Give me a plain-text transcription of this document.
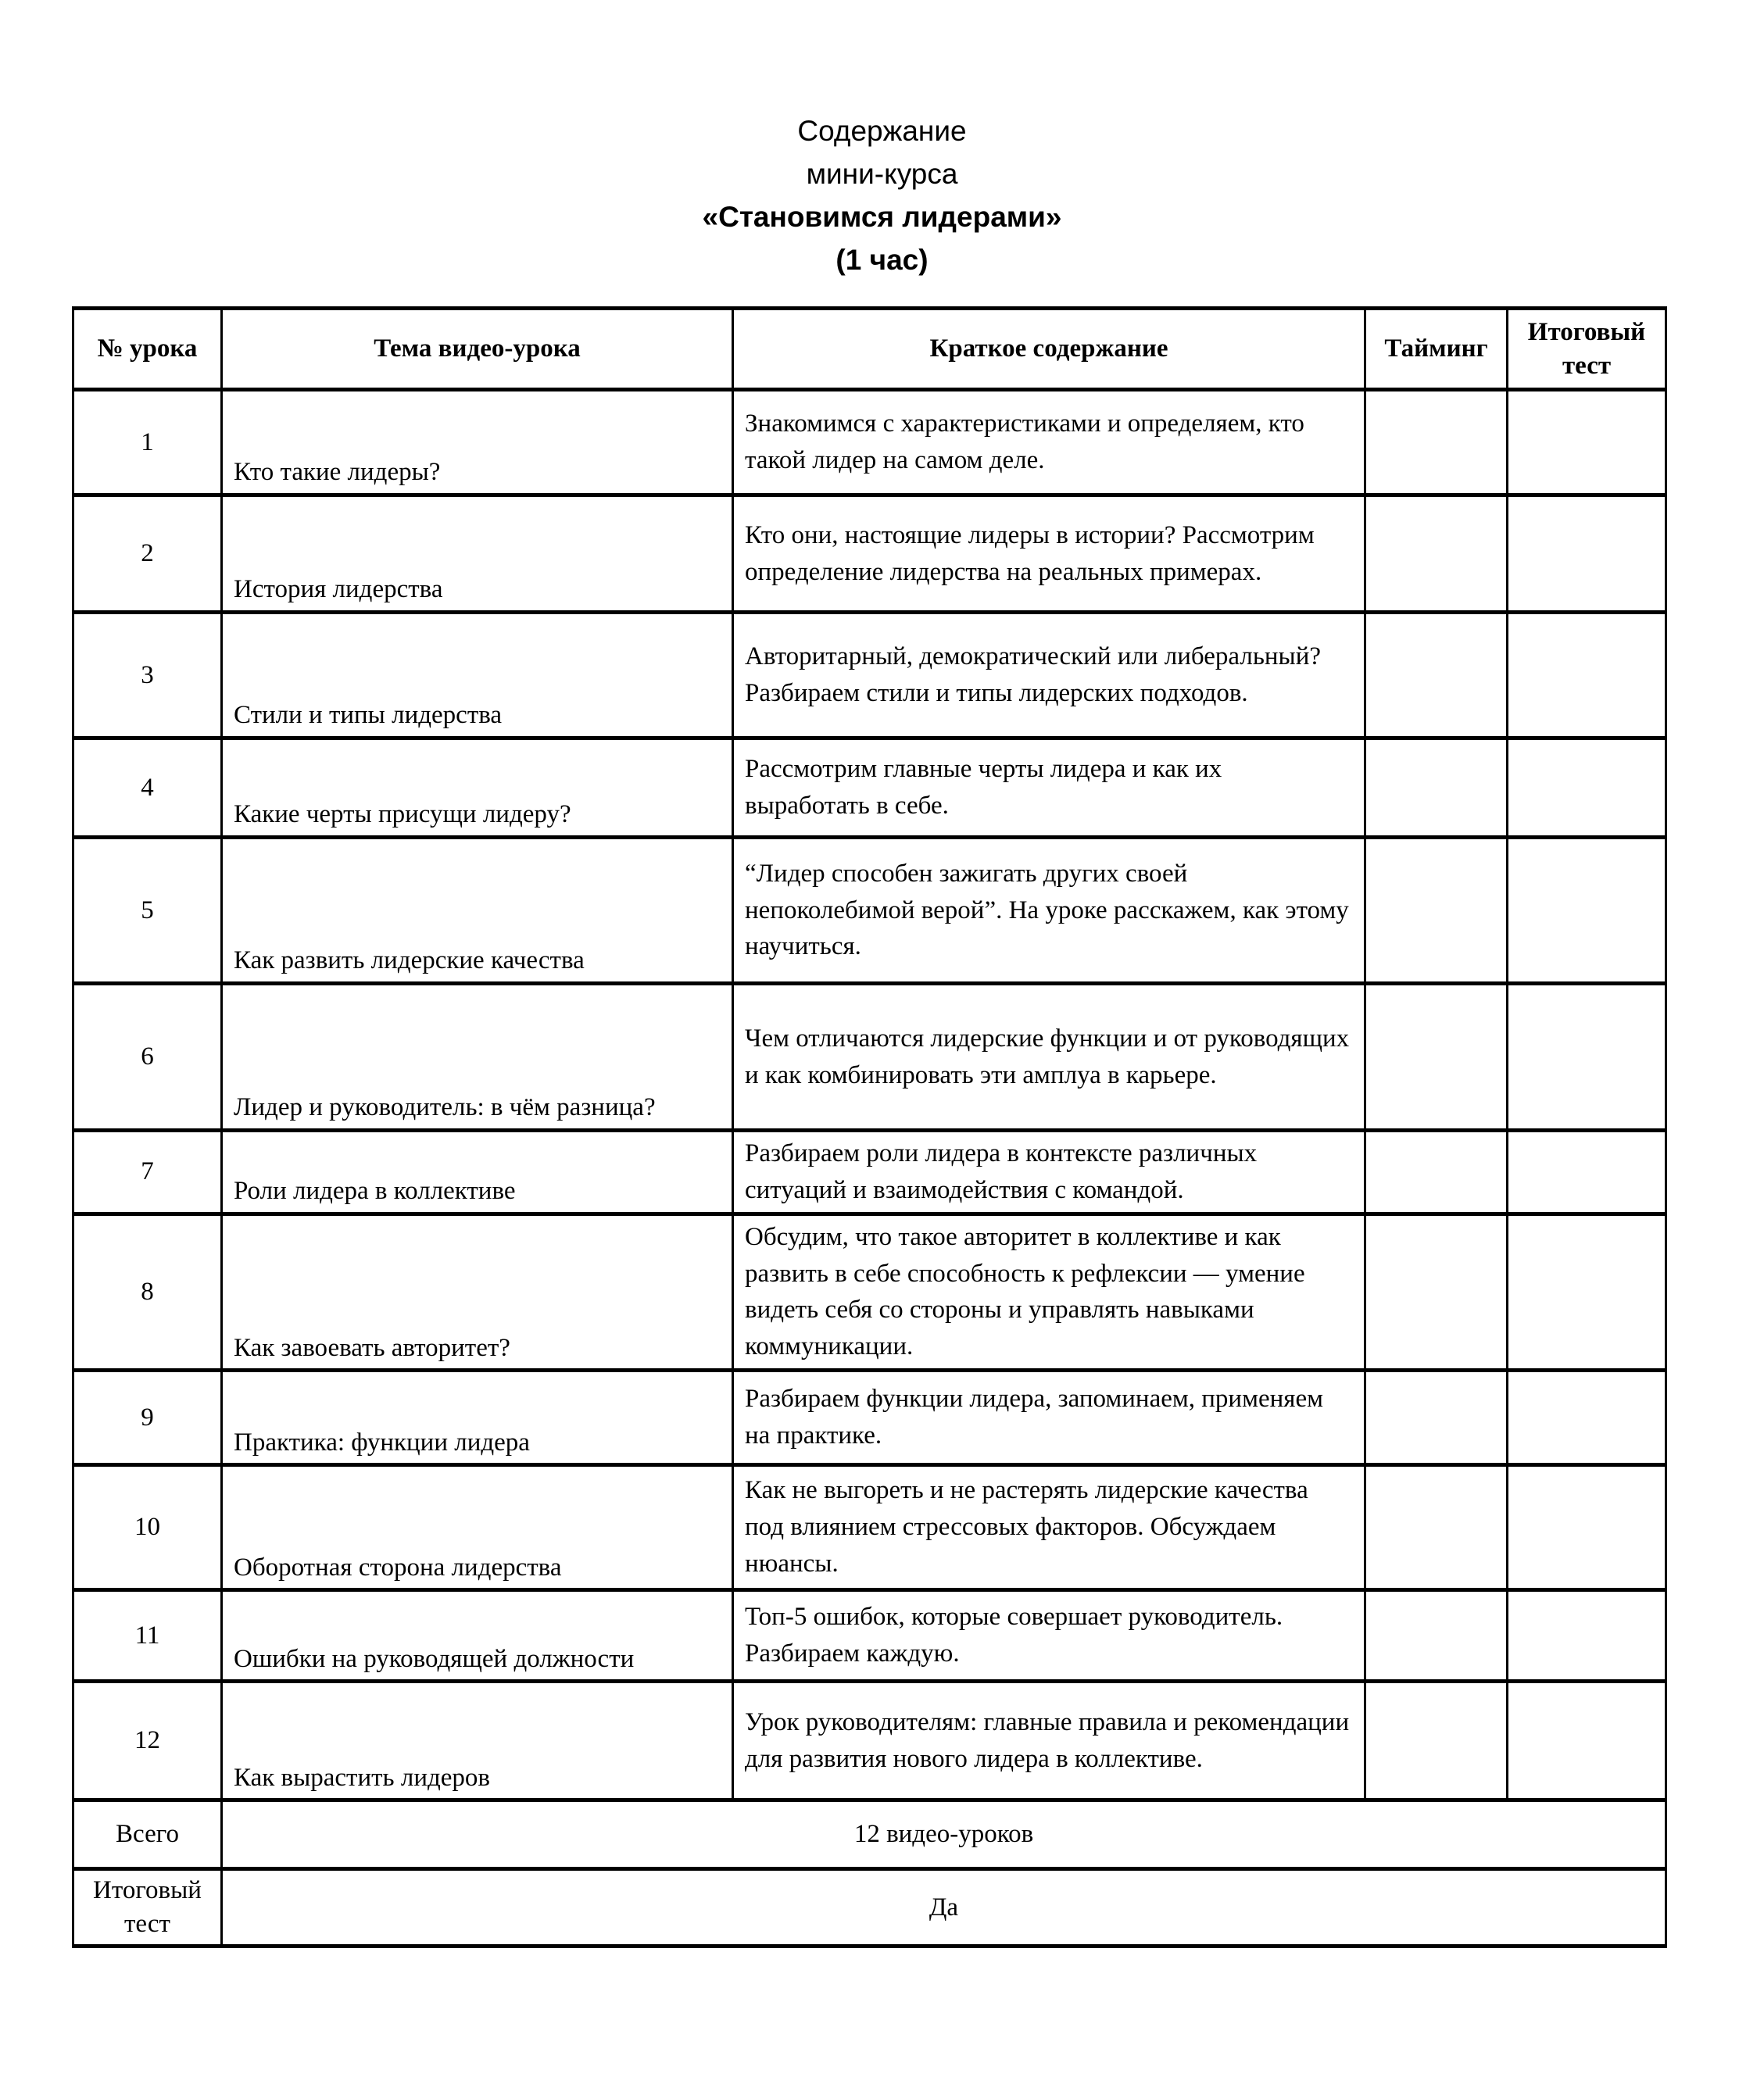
Содержание
мини-курса
«Становимся лидерами»
(1 час)
№ урока	Тема видео-урока	Краткое содержание	Тайминг	Итоговый тест
1	Кто такие лидеры?	Знакомимся с характеристиками и определяем, кто такой лидер на самом деле.		
2	История лидерства	Кто они, настоящие лидеры в истории? Рассмотрим определение лидерства на реальных примерах.		
3	Стили и типы лидерства	Авторитарный, демократический или либеральный? Разбираем стили и типы лидерских подходов.		
4	Какие черты присущи лидеру?	Рассмотрим главные черты лидера и как их выработать в себе.		
5	Как развить лидерские качества	“Лидер способен зажигать других своей непоколебимой верой”. На уроке расскажем, как этому научиться.		
6	Лидер и руководитель: в чём разница?	Чем отличаются лидерские функции и от руководящих и как комбинировать эти амплуа в карьере.		
7	Роли лидера в коллективе	Разбираем роли лидера в контексте различных ситуаций и взаимодействия с командой.		
8	Как завоевать авторитет?	Обсудим, что такое авторитет в коллективе и как развить в себе способность к рефлексии — умение видеть себя со стороны и управлять навыками коммуникации.		
9	Практика: функции лидера	Разбираем функции лидера, запоминаем, применяем на практике.		
10	Оборотная сторона лидерства	Как не выгореть и не растерять лидерские качества под влиянием стрессовых факторов. Обсуждаем нюансы.		
11	Ошибки на руководящей должности	Топ-5 ошибок, которые совершает руководитель. Разбираем каждую.		
12	Как вырастить лидеров	Урок руководителям: главные правила и рекомендации для развития нового лидера в коллективе.		
Всего	12 видео-уроков			
Итоговый тест	Да			
